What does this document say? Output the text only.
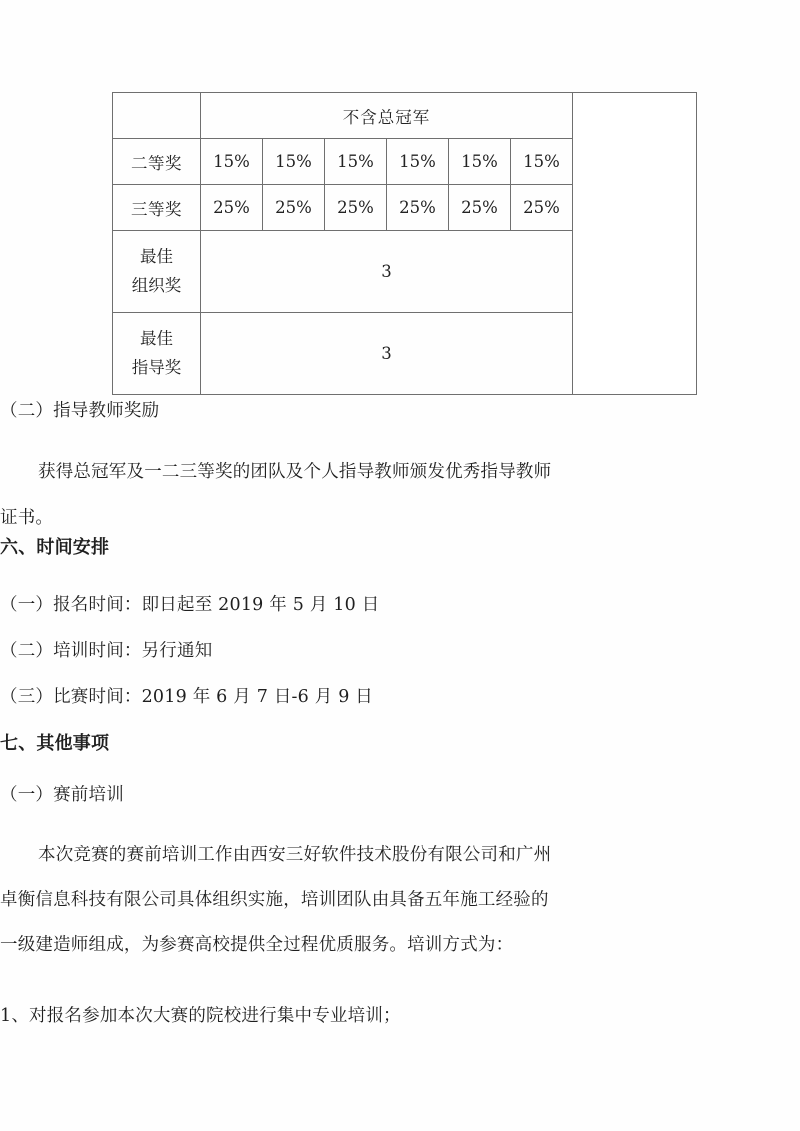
	不含总冠军						
二等奖	15%	15%	15%	15%	15%	15%	
三等奖	25%	25%	25%	25%	25%	25%	

最佳
组织奖	3						

最佳
指导奖	3						

（二）指导教师奖励

获得总冠军及一二三等奖的团队及个人指导教师颁发优秀指导教师证书。

六、时间安排

（一）报名时间：即日起至 2019 年 5 月 10 日

（二）培训时间：另行通知

（三）比赛时间：2019 年 6 月 7 日-6 月 9 日

七、其他事项

（一）赛前培训

本次竞赛的赛前培训工作由西安三好软件技术股份有限公司和广州卓衡信息科技有限公司具体组织实施，培训团队由具备五年施工经验的一级建造师组成，为参赛高校提供全过程优质服务。培训方式为：

1、对报名参加本次大赛的院校进行集中专业培训；
